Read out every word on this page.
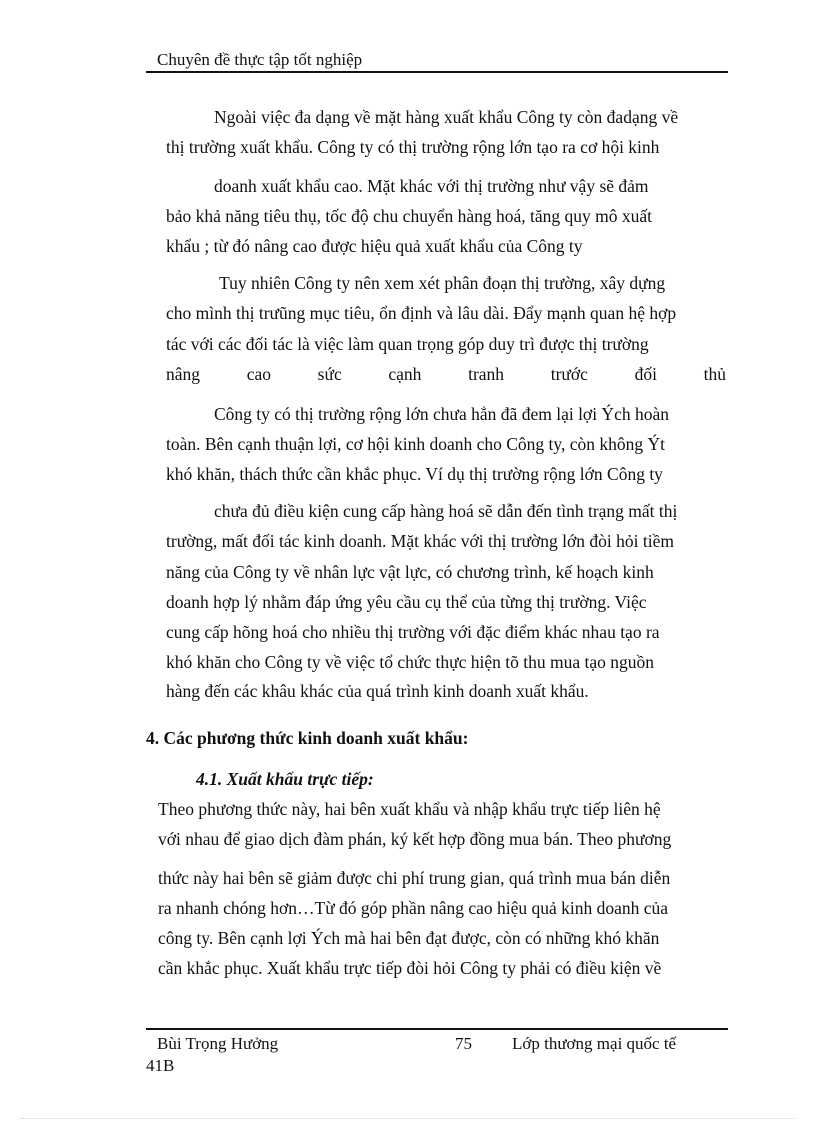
Chuyên đề thực tập tốt nghiệp
Ngoài việc đa dạng về mặt hàng xuất khẩu Công ty còn đadạng về
thị trường xuất khẩu. Công ty có thị trường rộng lớn tạo ra cơ hội kinh
doanh xuất khẩu cao. Mặt khác với thị trường như vậy sẽ đảm
bảo khả năng tiêu thụ, tốc độ chu chuyển hàng hoá, tăng quy mô xuất
khẩu ; từ đó nâng cao được hiệu quả xuất khẩu của Công ty
Tuy nhiên Công ty nên xem xét phân đoạn thị trường, xây dựng
cho mình thị trưũng mục tiêu, ổn định và lâu dài. Đẩy mạnh quan hệ hợp
tác với các đối tác là việc làm quan trọng góp duy trì được thị trường
nâng cao sức cạnh tranh trước đối thủ
Công ty có thị trường rộng lớn chưa hẳn đã đem lại lợi Ých hoàn
toàn. Bên cạnh thuận lợi, cơ hội kinh doanh cho Công ty, còn không Ýt
khó khăn, thách thức cần khắc phục. Ví dụ thị trường rộng lớn Công ty
chưa đủ điều kiện cung cấp hàng hoá sẽ dẫn đến tình trạng mất thị
trường, mất đối tác kinh doanh. Mặt khác với thị trường lớn đòi hỏi tiềm
năng của Công ty về nhân lực vật lực, có chương trình, kế hoạch kinh
doanh hợp lý nhằm đáp ứng yêu cầu cụ thể của từng thị trường. Việc
cung cấp hõng hoá cho nhiều thị trường với đặc điểm khác nhau tạo ra
khó khăn cho Công ty về việc tổ chức thực hiện tõ thu mua tạo nguồn
hàng đến các khâu khác của quá trình kinh doanh xuất khẩu.
4. Các phương thức kinh doanh xuất khẩu:
4.1. Xuất khẩu trực tiếp:
Theo phương thức này, hai bên xuất khẩu và nhập khẩu trực tiếp liên hệ
với nhau để giao dịch đàm phán, ký kết hợp đồng mua bán. Theo phương
thức này hai bên sẽ giảm được chi phí trung gian, quá trình mua bán diễn
ra nhanh chóng hơn…Từ đó góp phần nâng cao hiệu quả kinh doanh của
công ty. Bên cạnh lợi Ých mà hai bên đạt được, còn có những khó khăn
cần khắc phục. Xuất khẩu trực tiếp đòi hỏi Công ty phải có điều kiện về
Bùi Trọng Hưởng	75 Lớp thương mại quốc tế
41B
